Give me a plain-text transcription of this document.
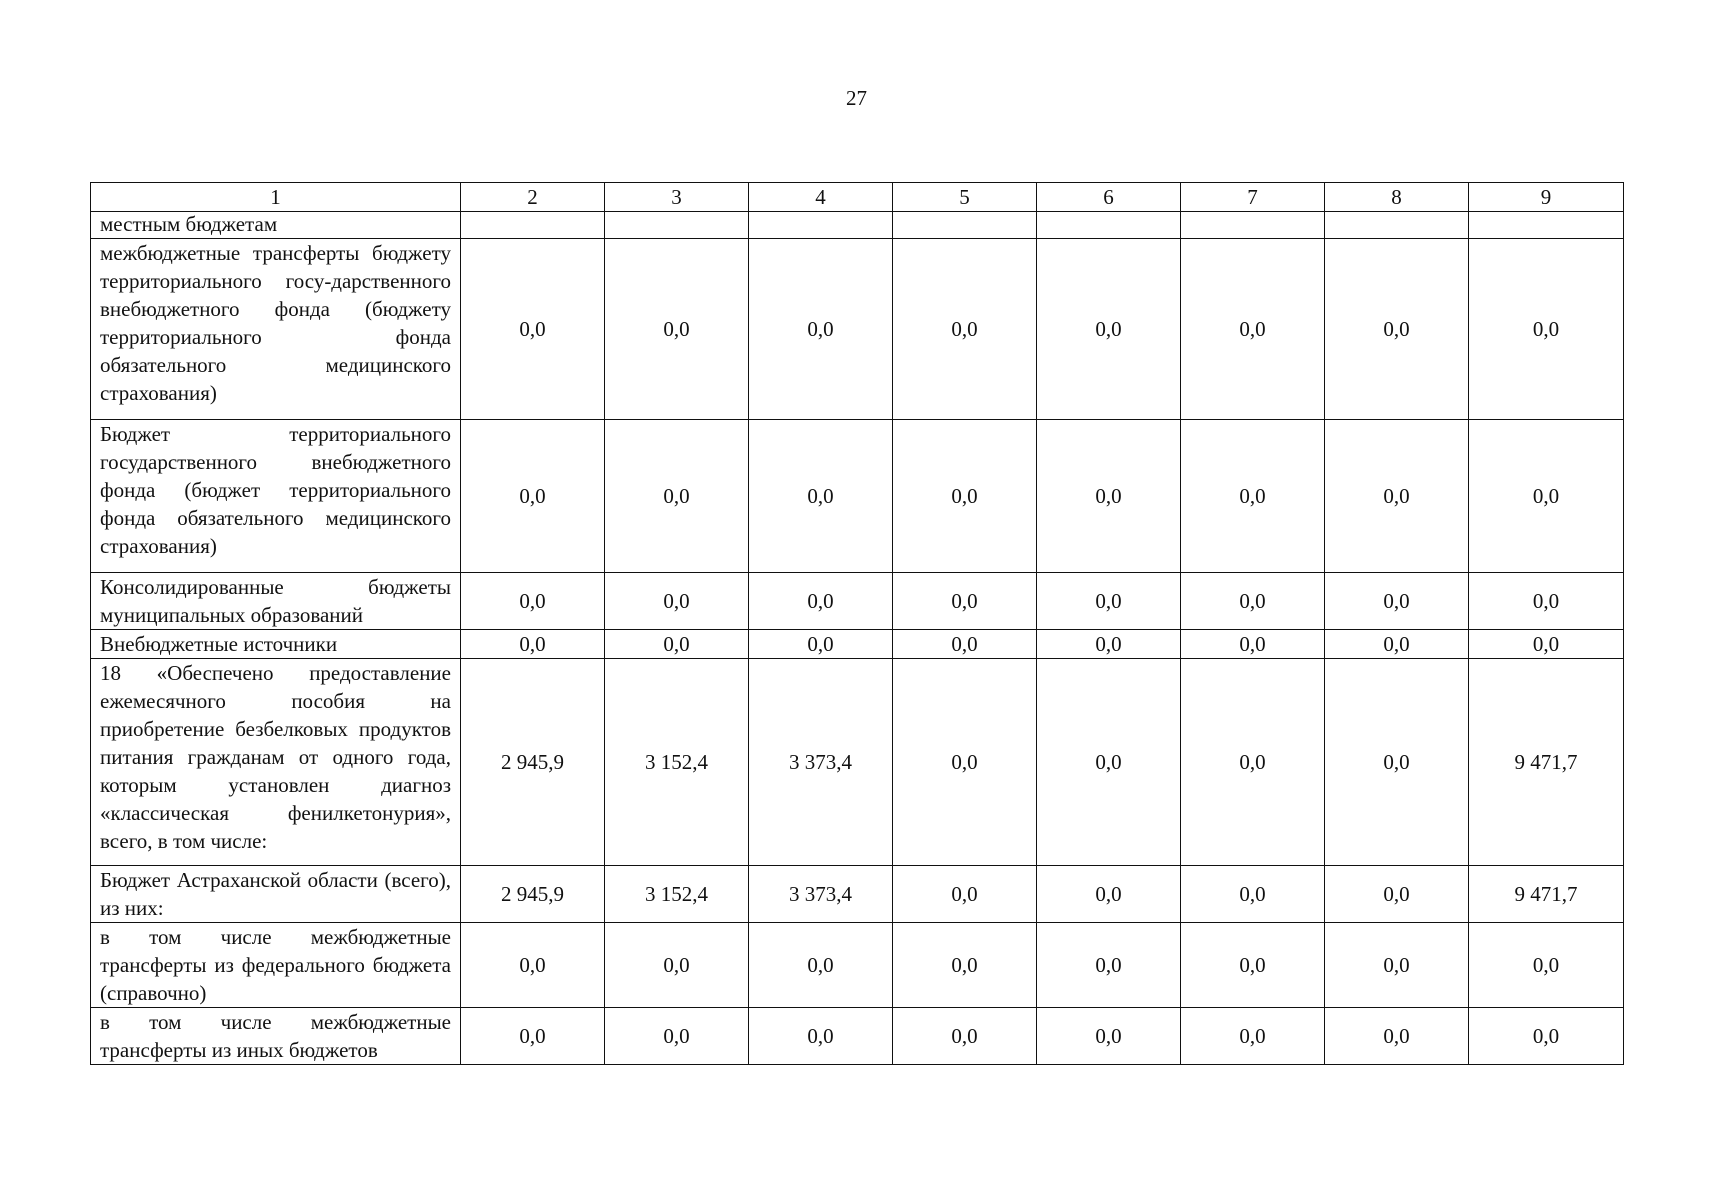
27
1	2	3	4	5	6	7	8	9
местным бюджетам								
межбюджетные трансферты бюджету территориального госу-дарственного внебюджетного фонда (бюджету территориального фонда обязательного медицинского страхования)	0,0	0,0	0,0	0,0	0,0	0,0	0,0	0,0
Бюджет территориального государственного внебюджетного фонда (бюджет территориального фонда обязательного медицинского страхования)	0,0	0,0	0,0	0,0	0,0	0,0	0,0	0,0
Консолидированные бюджеты муниципальных образований	0,0	0,0	0,0	0,0	0,0	0,0	0,0	0,0
Внебюджетные источники	0,0	0,0	0,0	0,0	0,0	0,0	0,0	0,0
18 «Обеспечено предоставление ежемесячного пособия на приобретение безбелковых продуктов питания гражданам от одного года, которым установлен диагноз «классическая фенилкетонурия», всего, в том числе:	2 945,9	3 152,4	3 373,4	0,0	0,0	0,0	0,0	9 471,7
Бюджет Астраханской области (всего), из них:	2 945,9	3 152,4	3 373,4	0,0	0,0	0,0	0,0	9 471,7
в том числе межбюджетные трансферты из федерального бюджета (справочно)	0,0	0,0	0,0	0,0	0,0	0,0	0,0	0,0
в том числе межбюджетные трансферты из иных бюджетов	0,0	0,0	0,0	0,0	0,0	0,0	0,0	0,0
